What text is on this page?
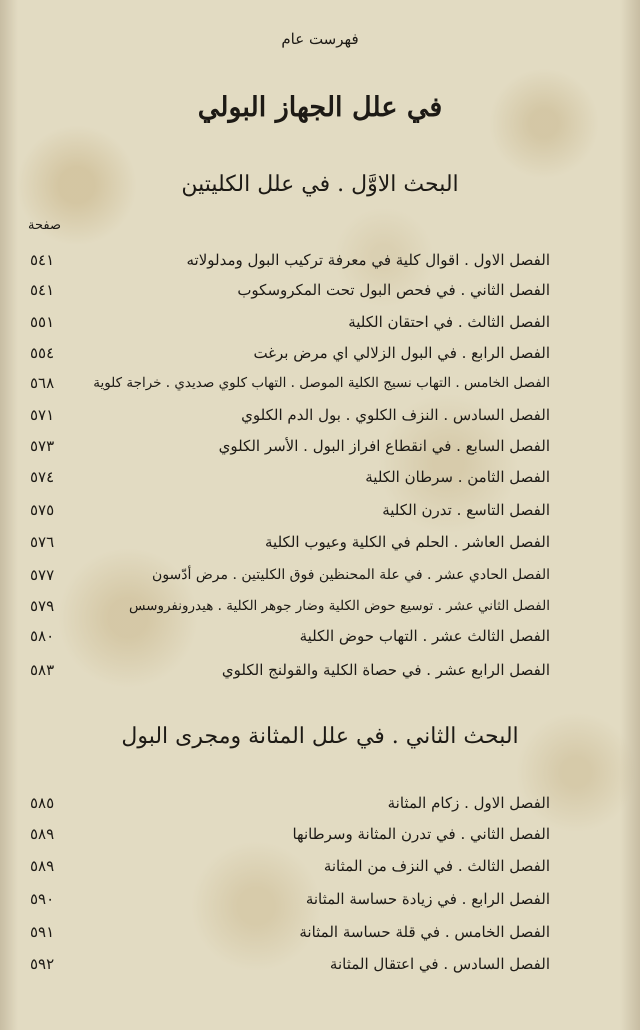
فهرست عام
في علل الجهاز البولي
البحث الاوَّل . في علل الكليتين
صفحة
٥٤١	الفصل الاول . اقوال كلية في معرفة تركيب البول ومدلولاته
٥٤١	الفصل الثاني . في فحص البول تحت المكروسكوب
٥٥١	الفصل الثالث . في احتقان الكلية
٥٥٤	الفصل الرابع . في البول الزلالي اي مرض برغت
٥٦٨	الفصل الخامس . التهاب نسيج الكلية الموصل . التهاب كلوي صديدي . خراجة كلوية
٥٧١	الفصل السادس . النزف الكلوي . بول الدم الكلوي
٥٧٣	الفصل السابع . في انقطاع افراز البول . الأسر الكلوي
٥٧٤	الفصل الثامن . سرطان الكلية
٥٧٥	الفصل التاسع . تدرن الكلية
٥٧٦	الفصل العاشر . الحلم في الكلية وعيوب الكلية
٥٧٧	الفصل الحادي عشر . في علة المحنظين فوق الكليتين . مرض أدّسون
٥٧٩	الفصل الثاني عشر . توسيع حوض الكلية وضار جوهر الكلية . هيدرونفروسس
٥٨٠	الفصل الثالث عشر . التهاب حوض الكلية
٥٨٣	الفصل الرابع عشر . في حصاة الكلية والقولنج الكلوي
البحث الثاني . في علل المثانة ومجرى البول
٥٨٥	الفصل الاول . زكام المثانة
٥٨٩	الفصل الثاني . في تدرن المثانة وسرطانها
٥٨٩	الفصل الثالث . في النزف من المثانة
٥٩٠	الفصل الرابع . في زيادة حساسة المثانة
٥٩١	الفصل الخامس . في قلة حساسة المثانة
٥٩٢	الفصل السادس . في اعتقال المثانة
